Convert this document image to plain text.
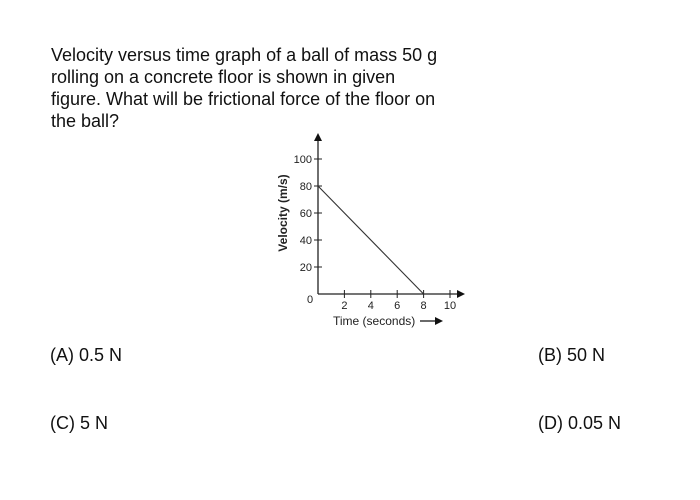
Velocity versus time graph of a ball of mass 50 g
rolling on a concrete floor is shown in given
figure. What will be frictional force of the floor on
the ball?
Velocity (m/s)
Time (seconds)
0
20
40
60
80
100
2 4 6 8 10
(A) 0.5 N	(B) 50 N
(C) 5 N	(D) 0.05 N
